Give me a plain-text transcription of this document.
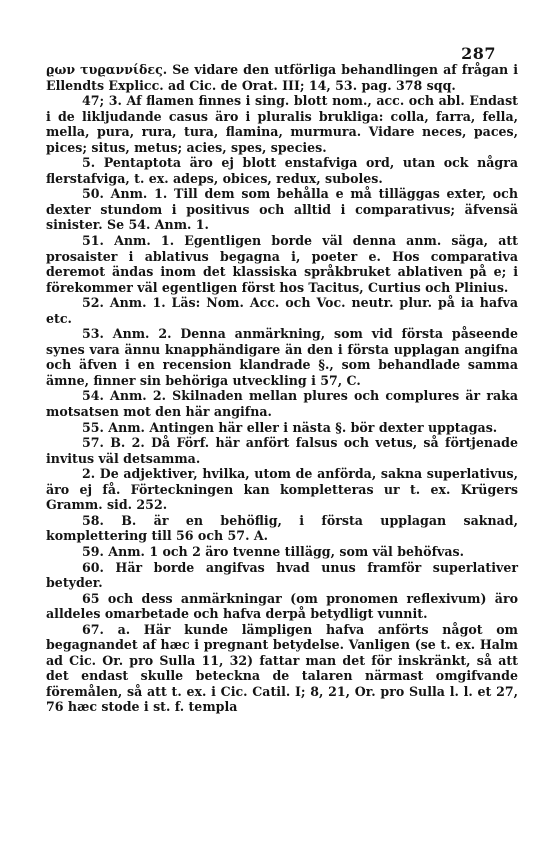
287

ϱων τυϱαννίδες. Se vidare den utförliga behandlingen af frågan i Ellendts Explicc. ad Cic. de Orat. III; 14, 53. pag. 378 sqq.

47; 3. Af flamen finnes i sing. blott nom., acc. och abl. Endast i de likljudande casus äro i pluralis brukliga: colla, farra, fella, mella, pura, rura, tura, flamina, murmura. Vidare neces, paces, pices; situs, metus; acies, spes, species.

5. Pentaptota äro ej blott enstafviga ord, utan ock några flerstafviga, t. ex. adeps, obices, redux, suboles.

50. Anm. 1. Till dem som behålla e må tilläggas exter, och dexter stundom i positivus och alltid i comparativus; äfvensä sinister. Se 54. Anm. 1.

51. Anm. 1. Egentligen borde väl denna anm. säga, att prosaister i ablativus begagna i, poeter e. Hos comparativa deremot ändas inom det klassiska språkbruket ablativen på e; i förekommer väl egentligen först hos Tacitus, Curtius och Plinius.

52. Anm. 1. Läs: Nom. Acc. och Voc. neutr. plur. på ia hafva etc.

53. Anm. 2. Denna anmärkning, som vid första påseende synes vara ännu knapphändigare än den i första upplagan angifna och äfven i en recension klandrade §., som behandlade samma ämne, finner sin behöriga utveckling i 57, C.

54. Anm. 2. Skilnaden mellan plures och complures är raka motsatsen mot den här angifna.

55. Anm. Antingen här eller i nästa §. bör dexter upptagas.

57. B. 2. Då Förf. här anfört falsus och vetus, så förtjenade invitus väl detsamma.

2. De adjektiver, hvilka, utom de anförda, sakna superlativus, äro ej få. Förteckningen kan kompletteras ur t. ex. Krügers Gramm. sid. 252.

58. B. är en behöflig, i första upplagan saknad, komplettering till 56 och 57. A.

59. Anm. 1 och 2 äro tvenne tillägg, som väl behöfvas.

60. Här borde angifvas hvad unus framför superlativer betyder.

65 och dess anmärkningar (om pronomen reflexivum) äro alldeles omarbetade och hafva derpå betydligt vunnit.

67. a. Här kunde lämpligen hafva anförts något om begagnandet af hæc i pregnant betydelse. Vanligen (se t. ex. Halm ad Cic. Or. pro Sulla 11, 32) fattar man det för inskränkt, så att det endast skulle beteckna de talaren närmast omgifvande föremålen, så att t. ex. i Cic. Catil. I; 8, 21, Or. pro Sulla l. l. et 27, 76 hæc stode i st. f. templa
